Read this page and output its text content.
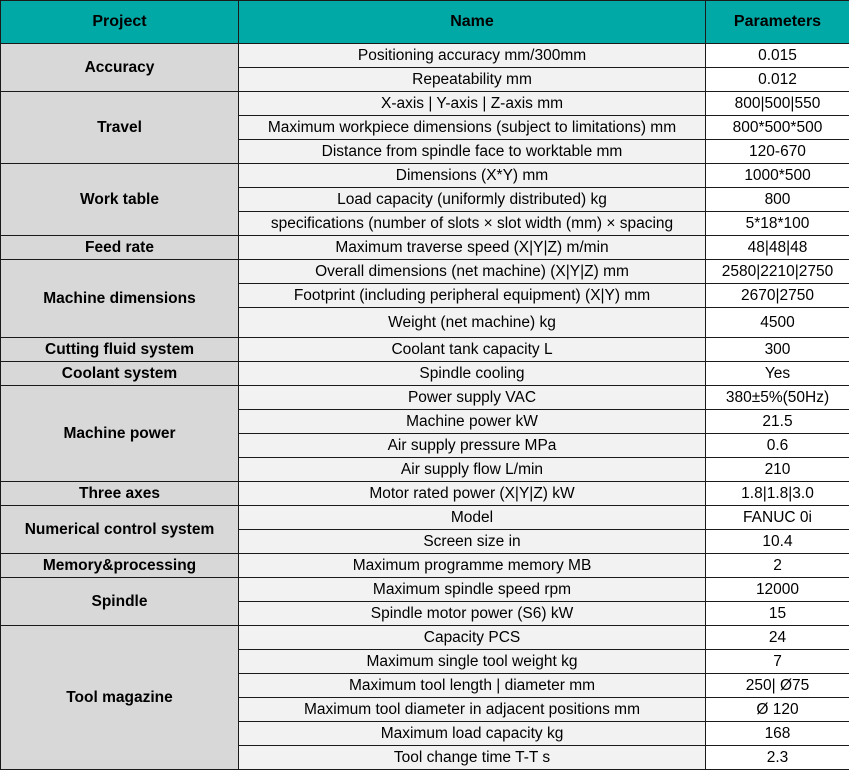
Project	Name	Parameters
Accuracy	Positioning accuracy mm/300mm	0.015
	Repeatability mm	0.012
Travel	X-axis | Y-axis | Z-axis mm	800|500|550
	Maximum workpiece dimensions (subject to limitations) mm	800*500*500
	Distance from spindle face to worktable mm	120-670
Work table	Dimensions (X*Y) mm	1000*500
	Load capacity (uniformly distributed) kg	800
	specifications (number of slots × slot width (mm) × spacing	5*18*100
Feed rate	Maximum traverse speed (X|Y|Z) m/min	48|48|48
Machine dimensions	Overall dimensions (net machine) (X|Y|Z) mm	2580|2210|2750
	Footprint (including peripheral equipment) (X|Y) mm	2670|2750
	Weight (net machine) kg	4500
Cutting fluid system	Coolant tank capacity L	300
Coolant system	Spindle cooling	Yes
Machine power	Power supply VAC	380±5%(50Hz)
	Machine power kW	21.5
	Air supply pressure MPa	0.6
	Air supply flow L/min	210
Three axes	Motor rated power (X|Y|Z) kW	1.8|1.8|3.0
Numerical control system	Model	FANUC 0i
	Screen size in	10.4
Memory&processing	Maximum programme memory MB	2
Spindle	Maximum spindle speed rpm	12000
	Spindle motor power (S6) kW	15
Tool magazine	Capacity PCS	24
	Maximum single tool weight kg	7
	Maximum tool length | diameter mm	250| Ø75
	Maximum tool diameter in adjacent positions mm	Ø 120
	Maximum load capacity kg	168
	Tool change time T-T s	2.3
